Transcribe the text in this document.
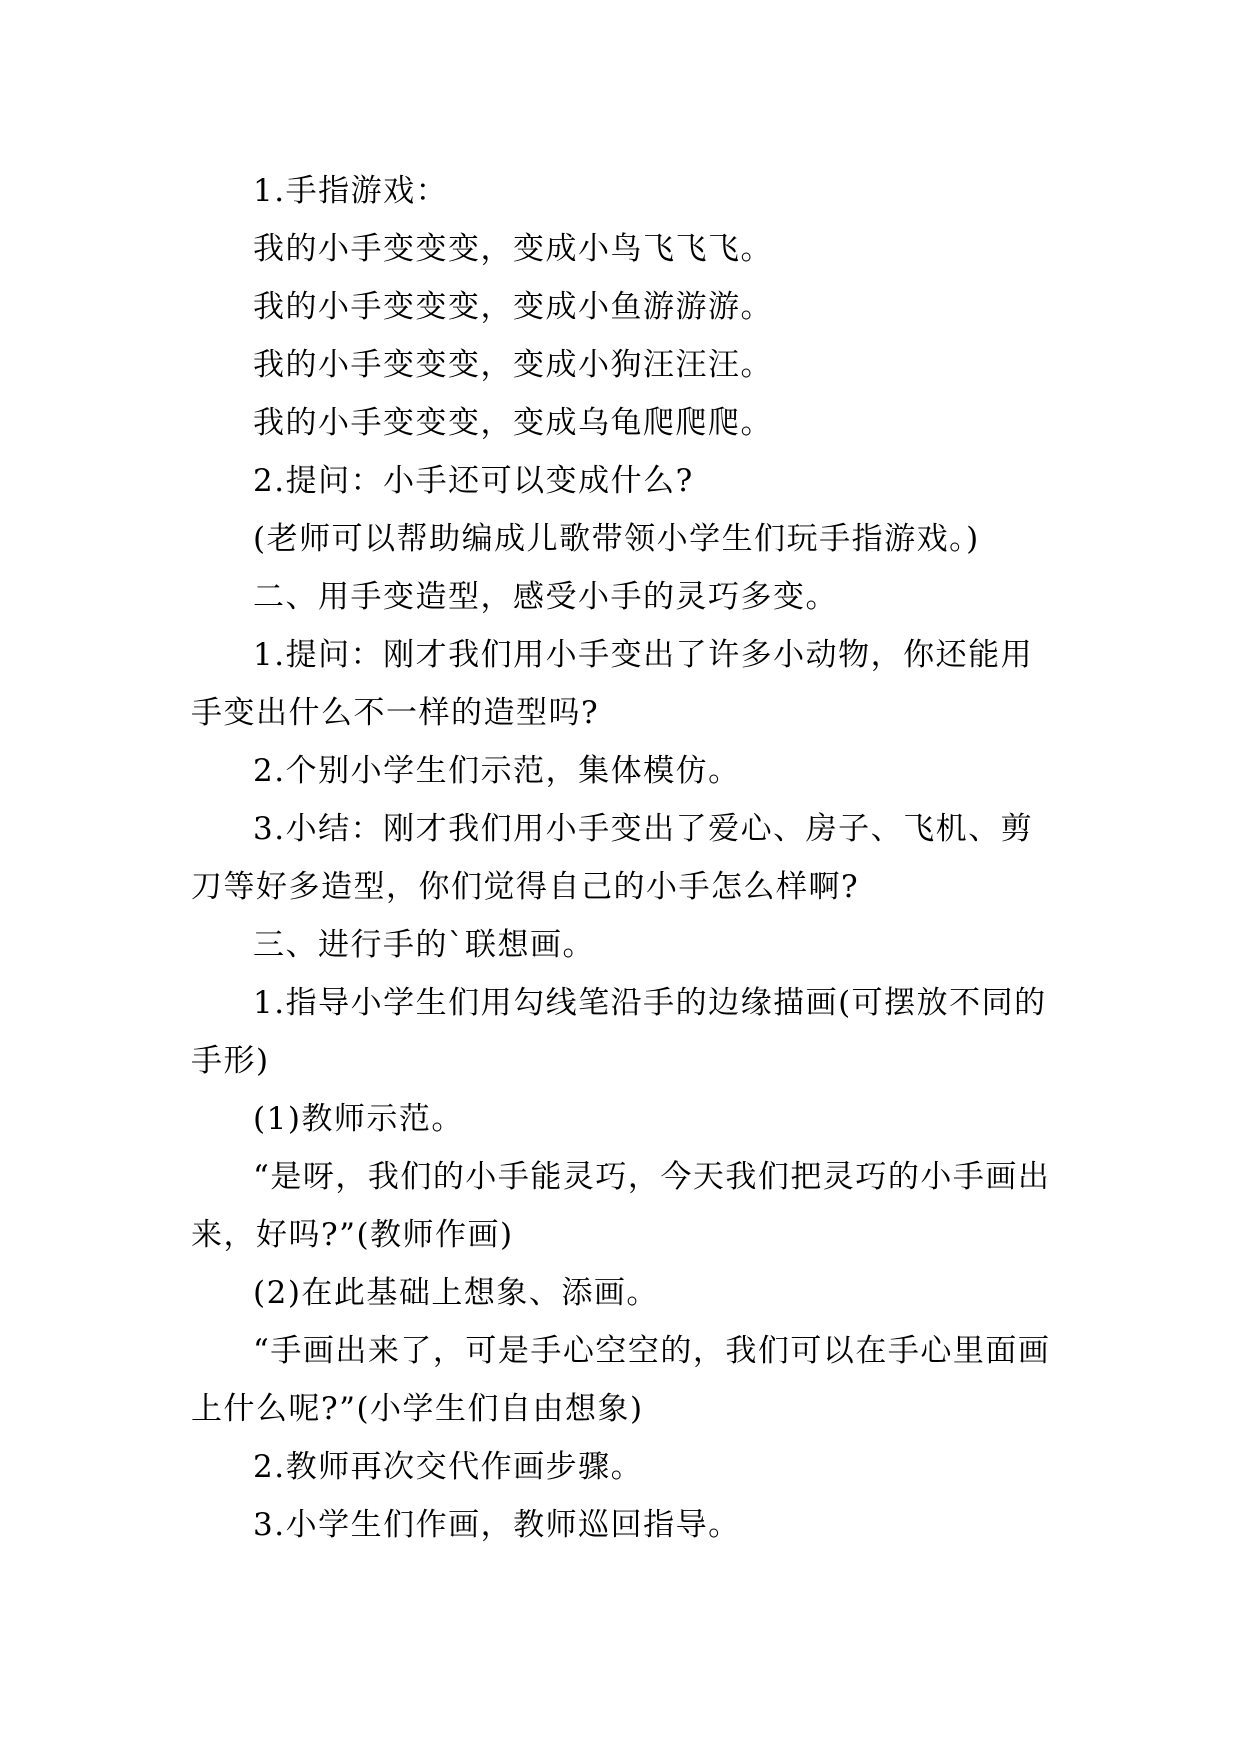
1.手指游戏：

我的小手变变变，变成小鸟飞飞飞。

我的小手变变变，变成小鱼游游游。

我的小手变变变，变成小狗汪汪汪。

我的小手变变变，变成乌龟爬爬爬。

2.提问：小手还可以变成什么?

(老师可以帮助编成儿歌带领小学生们玩手指游戏。)

二、用手变造型，感受小手的灵巧多变。

1.提问：刚才我们用小手变出了许多小动物，你还能用手变出什么不一样的造型吗?

2.个别小学生们示范，集体模仿。

3.小结：刚才我们用小手变出了爱心、房子、飞机、剪刀等好多造型，你们觉得自己的小手怎么样啊?

三、进行手的`联想画。

1.指导小学生们用勾线笔沿手的边缘描画(可摆放不同的手形)

(1)教师示范。

“是呀，我们的小手能灵巧，今天我们把灵巧的小手画出来，好吗?”(教师作画)

(2)在此基础上想象、添画。

“手画出来了，可是手心空空的，我们可以在手心里面画上什么呢?”(小学生们自由想象)

2.教师再次交代作画步骤。

3.小学生们作画，教师巡回指导。
